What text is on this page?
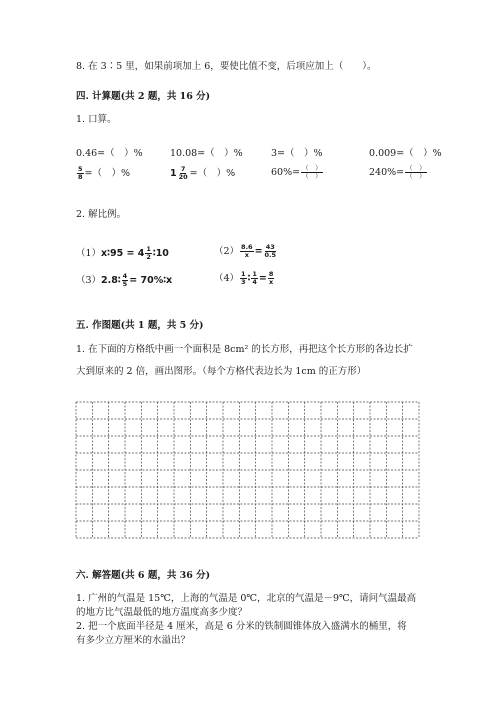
8. 在 3∶5 里，如果前项加上 6，要使比值不变，后项应加上（　　）。
四. 计算题(共 2 题，共 16 分)
1. 口算。
0.46=（　）%	10.08=（　）%	3=（　）%	0.009=（　）%
$\frac{5}{8}$ =（　）%	$1 \frac{7}{20}$ =（　）%	$60\%= \frac{( )}{( )}$	$240\%= \frac{( )}{( )}$
2. 解比例。
（1）x∶95 = $4 \frac{1}{2}$ ∶10	$(2) \frac{8.6}{x} = \frac{43}{0.5}$
（3）2.8∶ $\frac{4}{5}$ = 70%∶x	$(4) \frac{1}{3}$ ∶ $\frac{1}{4} = \frac{8}{x}$
五. 作图题(共 1 题，共 5 分)
1. 在下面的方格纸中画一个面积是 8cm² 的长方形，再把这个长方形的各边长扩
大到原来的 2 倍，画出图形。（每个方格代表边长为 1cm 的正方形）
六. 解答题(共 6 题，共 36 分)
1. 广州的气温是 15℃，上海的气温是 0℃，北京的气温是－9℃，请问气温最高
的地方比气温最低的地方温度高多少度？
2. 把一个底面半径是 4 厘米，高是 6 分米的铁制圆锥体放入盛满水的桶里，将
有多少立方厘米的水溢出？
